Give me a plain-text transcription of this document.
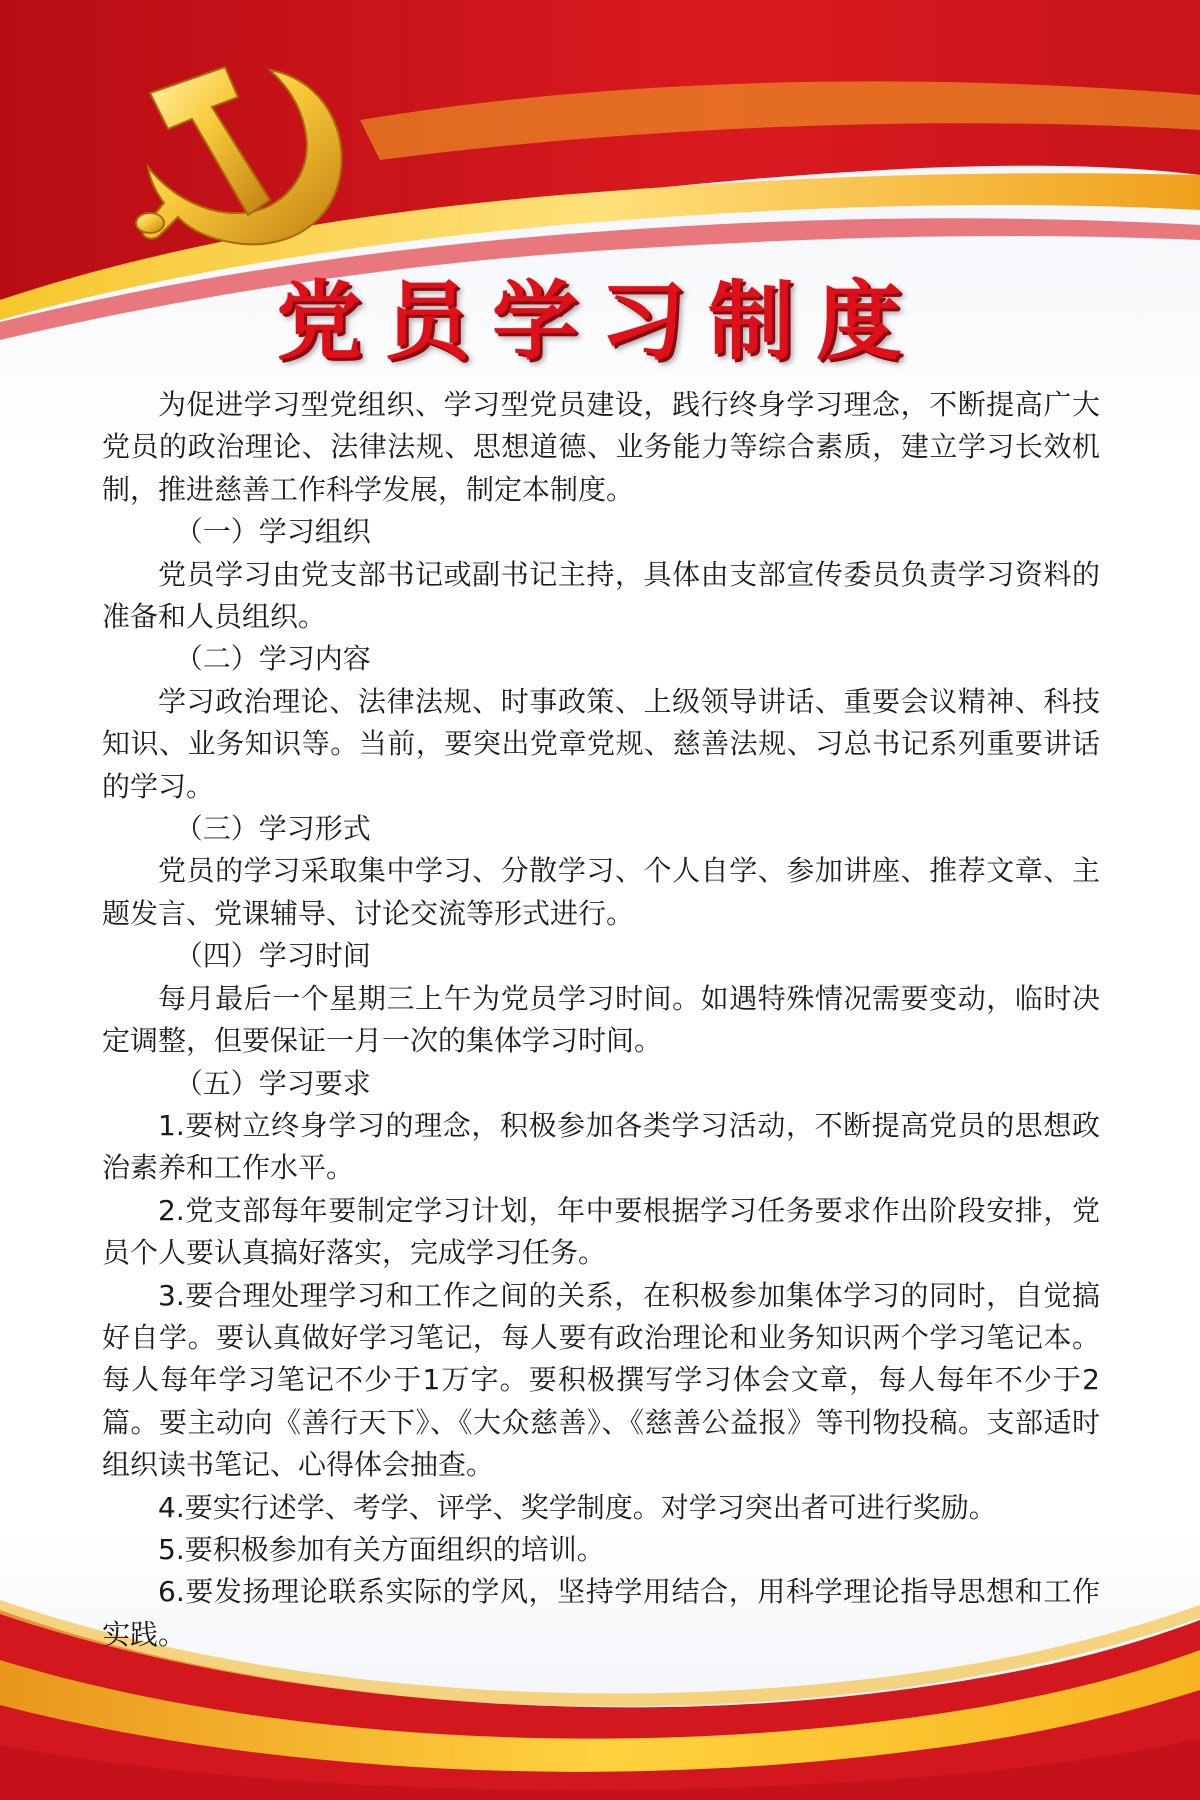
党员学习制度

为促进学习型党组织、学习型党员建设，践行终身学习理念，不断提高广大党员的政治理论、法律法规、思想道德、业务能力等综合素质，建立学习长效机制，推进慈善工作科学发展，制定本制度。

（一）学习组织

党员学习由党支部书记或副书记主持，具体由支部宣传委员负责学习资料的准备和人员组织。

（二）学习内容

学习政治理论、法律法规、时事政策、上级领导讲话、重要会议精神、科技知识、业务知识等。当前，要突出党章党规、慈善法规、习总书记系列重要讲话的学习。

（三）学习形式

党员的学习采取集中学习、分散学习、个人自学、参加讲座、推荐文章、主题发言、党课辅导、讨论交流等形式进行。

（四）学习时间

每月最后一个星期三上午为党员学习时间。如遇特殊情况需要变动，临时决定调整，但要保证一月一次的集体学习时间。

（五）学习要求

1.要树立终身学习的理念，积极参加各类学习活动，不断提高党员的思想政治素养和工作水平。

2.党支部每年要制定学习计划，年中要根据学习任务要求作出阶段安排，党员个人要认真搞好落实，完成学习任务。

3.要合理处理学习和工作之间的关系，在积极参加集体学习的同时，自觉搞好自学。要认真做好学习笔记，每人要有政治理论和业务知识两个学习笔记本。每人每年学习笔记不少于1万字。要积极撰写学习体会文章，每人每年不少于2篇。要主动向《善行天下》、《大众慈善》、《慈善公益报》等刊物投稿。支部适时组织读书笔记、心得体会抽查。

4.要实行述学、考学、评学、奖学制度。对学习突出者可进行奖励。

5.要积极参加有关方面组织的培训。

6.要发扬理论联系实际的学风，坚持学用结合，用科学理论指导思想和工作实践。
